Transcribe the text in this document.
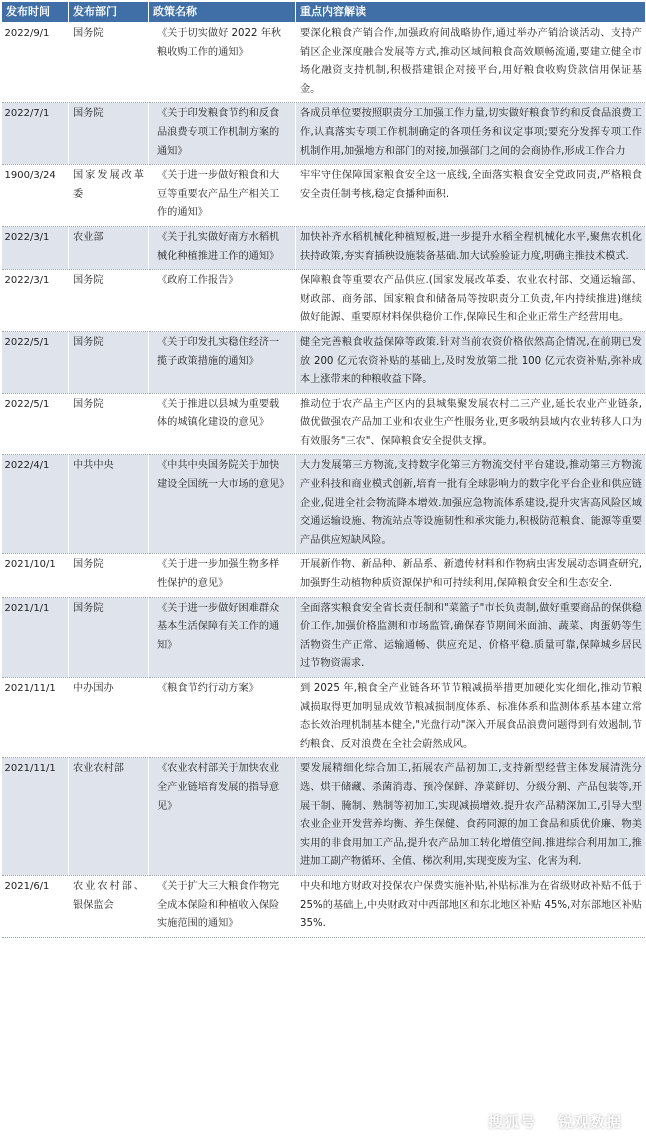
发布时间	发布部门	政策名称	重点内容解读
2022/9/1	国务院	《关于切实做好 2022 年秋粮收购工作的通知》	要深化粮食产销合作,加强政府间战略协作,通过举办产销洽谈活动、支持产销区企业深度融合发展等方式,推动区域间粮食高效顺畅流通,要建立健全市场化融资支持机制,积极搭建银企对接平台,用好粮食收购贷款信用保证基金。
2022/7/1	国务院	《关于印发粮食节约和反食品浪费专项工作机制方案的通知》	各成员单位要按照职责分工加强工作力量,切实做好粮食节约和反食品浪费工作,认真落实专项工作机制确定的各项任务和议定事项;要充分发挥专项工作机制作用,加强地方和部门的对接,加强部门之间的会商协作,形成工作合力
1900/3/24	国家发展改革委	《关于进一步做好粮食和大豆等重要农产品生产相关工作的通知》	牢牢守住保障国家粮食安全这一底线,全面落实粮食安全党政同责,严格粮食安全责任制考核,稳定食播种面积.
2022/3/1	农业部	《关于扎实做好南方水稻机械化种植推进工作的通知》	加快补齐水稻机械化种植短板,进一步提升水稻全程机械化水平,聚焦农机化扶持政策,夯实育插秧设施装备基础.加大试验验证力度,明确主推技术模式.
2022/3/1	国务院	《政府工作报告》	保障粮食等重要农产品供应.(国家发展改革委、农业农村部、交通运输部、财政部、商务部、国家粮食和储备局等按职责分工负责,年内持续推进)继续做好能源、重要原材料保供稳价工作,保障民生和企业正常生产经营用电。
2022/5/1	国务院	《关于印发扎实稳住经济一揽子政策措施的通知》	健全完善粮食收益保障等政策.针对当前农资价格依然高企情况,在前期已发放 200 亿元农资补贴的基础上,及时发放第二批 100 亿元农资补贴,弥补成本上涨带来的种粮收益下降。
2022/5/1	国务院	《关于推进以县城为重要载体的城镇化建设的意见》	推动位于农产品主产区内的县城集聚发展农村二三产业,延长农业产业链条,做优做强农产品加工业和农业生产性服务业,更多吸纳县域内农业转移人口为有效服务"三农"、保障粮食安全提供支撑。
2022/4/1	中共中央	《中共中央国务院关于加快建设全国统一大市场的意见》	大力发展第三方物流,支持数字化第三方物流交付平台建设,推动第三方物流产业科技和商业模式创新,培育一批有全球影响力的数字化平台企业和供应链企业,促进全社会物流降本增效.加强应急物流体系建设,提升灾害高风险区域交通运输设施、物流站点等设施韧性和承灾能力,积极防范粮食、能源等重要产品供应短缺风险。
2021/10/1	国务院	《关于进一步加强生物多样性保护的意见》	开展新作物、新品种、新品系、新遗传材料和作物病虫害发展动态调查研究,加强野生动植物种质资源保护和可持续利用,保障粮食安全和生态安全.
2021/1/1	国务院	《关于进一步做好困难群众基本生活保障有关工作的通知》	全面落实粮食安全省长责任制和"菜篮子"市长负责制,做好重要商品的保供稳价工作,加强价格监测和市场监管,确保春节期间米面油、蔬菜、肉蛋奶等生活物资生产正常、运输通畅、供应充足、价格平稳.质量可靠,保障城乡居民过节物资需求.
2021/11/1	中办国办	《粮食节约行动方案》	到 2025 年,粮食全产业链各环节节粮减损举措更加硬化实化细化,推动节粮减损取得更加明显成效节粮减损制度体系、标准体系和监测体系基本建立常态长效治理机制基本健全,"光盘行动"深入开展食品浪费问题得到有效遏制,节约粮食、反对浪费在全社会蔚然成风。
2021/11/1	农业农村部	《农业农村部关于加快农业全产业链培育发展的指导意见》	要发展精细化综合加工,拓展农产品初加工,支持新型经营主体发展清洗分选、烘干储藏、杀菌消毒、预冷保鲜、净菜鲜切、分级分割、产品包装等,开展干制、腌制、熟制等初加工,实现减损增效.提升农产品精深加工,引导大型农业企业开发营养均衡、养生保健、食药同源的加工食品和质优价廉、物美实用的非食用加工产品,提升农产品加工转化增值空间.推进综合利用加工,推进加工副产物循环、全值、梯次利用,实现变废为宝、化害为利.
2021/6/1	农业农村部、银保监会	《关于扩大三大粮食作物完全成本保险和种植收入保险实施范围的通知》	中央和地方财政对投保农户保费实施补贴,补贴标准为在省级财政补贴不低于 25%的基础上,中央财政对中西部地区和东北地区补贴 45%,对东部地区补贴 35%.
搜狐号 锐观数据
